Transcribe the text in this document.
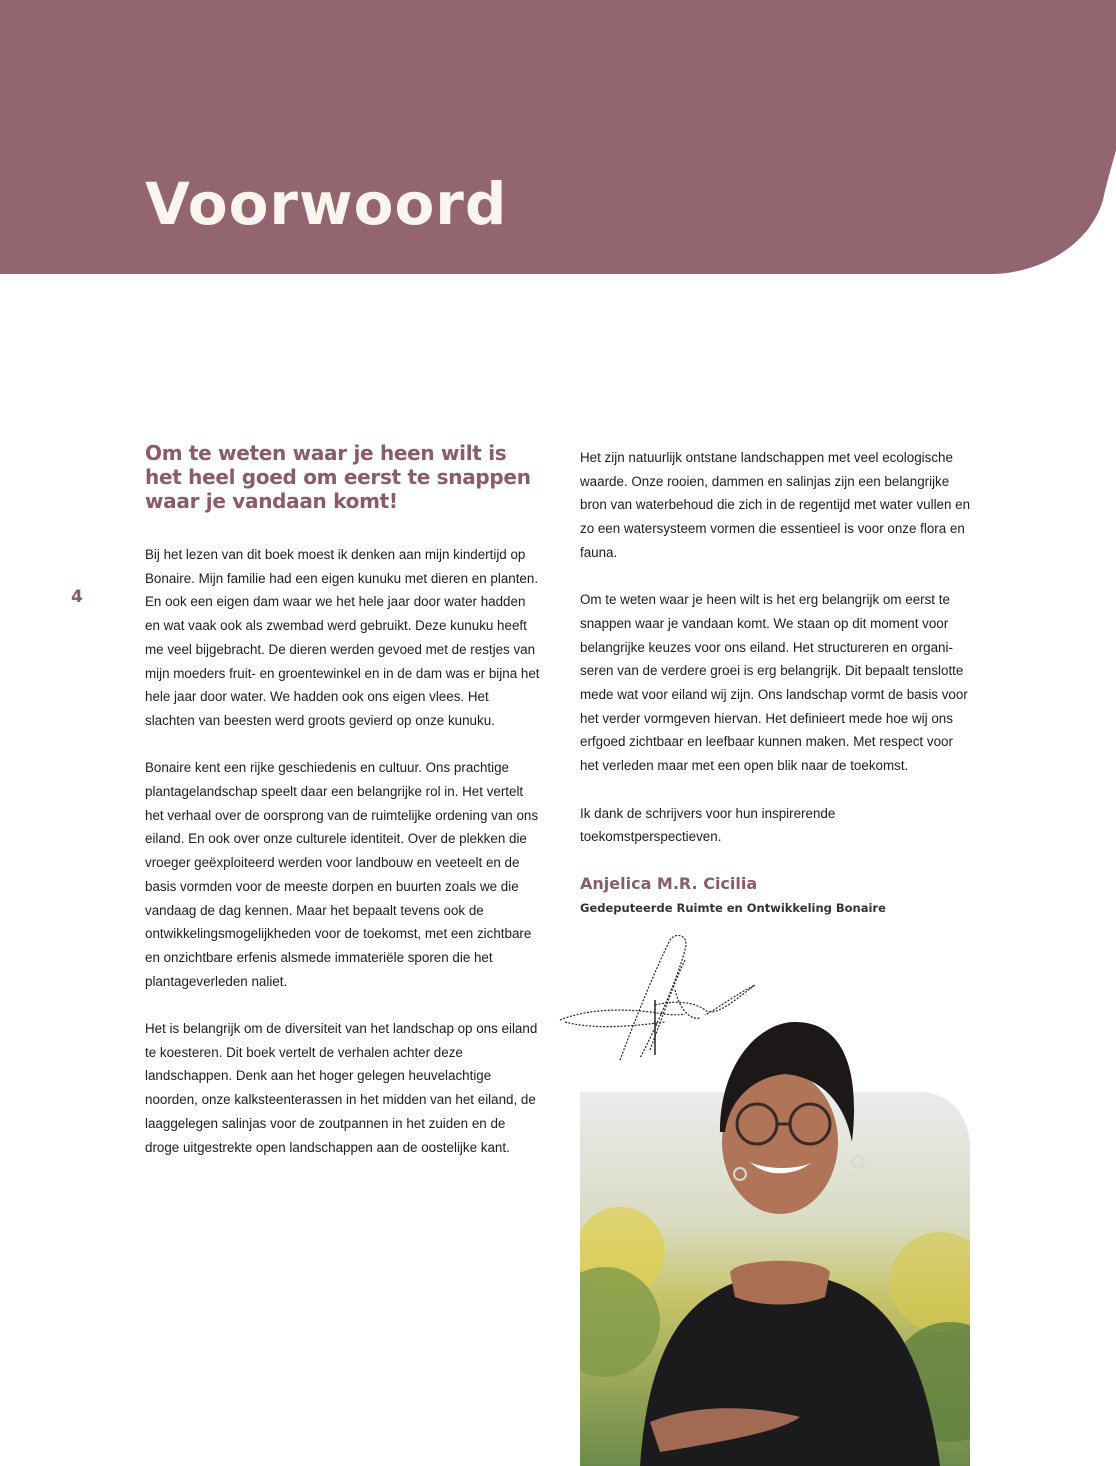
Voorwoord
4
Om te weten waar je heen wilt is het heel goed om eerst te snappen waar je vandaan komt!

Bij het lezen van dit boek moest ik denken aan mijn kindertijd op Bonaire. Mijn familie had een eigen kunuku met dieren en planten. En ook een eigen dam waar we het hele jaar door water hadden en wat vaak ook als zwembad werd gebruikt. Deze kunuku heeft me veel bijgebracht. De dieren werden gevoed met de restjes van mijn moeders fruit- en groentewinkel en in de dam was er bijna het hele jaar door water. We hadden ook ons eigen vlees. Het slachten van beesten werd groots gevierd op onze kunuku.

Bonaire kent een rijke geschiedenis en cultuur. Ons prachtige plantagelandschap speelt daar een belangrijke rol in. Het vertelt het verhaal over de oorsprong van de ruimtelijke ordening van ons eiland. En ook over onze culturele identiteit. Over de plekken die vroeger geëxploiteerd werden voor landbouw en veeteelt en de basis vormden voor de meeste dorpen en buurten zoals we die vandaag de dag kennen. Maar het bepaalt tevens ook de ontwikkelingsmogelijkheden voor de toekomst, met een zichtbare en onzichtbare erfenis alsmede immateriële sporen die het plantageverleden naliet.

Het is belangrijk om de diversiteit van het landschap op ons eiland te koesteren. Dit boek vertelt de verhalen achter deze landschappen. Denk aan het hoger gelegen heuvelachtige noorden, onze kalksteenterassen in het midden van het eiland, de laaggelegen salinjas voor de zoutpannen in het zuiden en de droge uitgestrekte open landschappen aan de oostelijke kant.

Het zijn natuurlijk ontstane landschappen met veel ecologische waarde. Onze rooien, dammen en salinjas zijn een belangrijke bron van waterbehoud die zich in de regentijd met water vullen en zo een watersysteem vormen die essentieel is voor onze flora en fauna.

Om te weten waar je heen wilt is het erg belangrijk om eerst te snappen waar je vandaan komt. We staan op dit moment voor belangrijke keuzes voor ons eiland. Het structureren en organi-seren van de verdere groei is erg belangrijk. Dit bepaalt tenslotte mede wat voor eiland wij zijn. Ons landschap vormt de basis voor het verder vormgeven hiervan. Het definieert mede hoe wij ons erfgoed zichtbaar en leefbaar kunnen maken. Met respect voor het verleden maar met een open blik naar de toekomst.

Ik dank de schrijvers voor hun inspirerende toekomstperspectieven.

Anjelica M.R. Cicilia
Gedeputeerde Ruimte en Ontwikkeling Bonaire
